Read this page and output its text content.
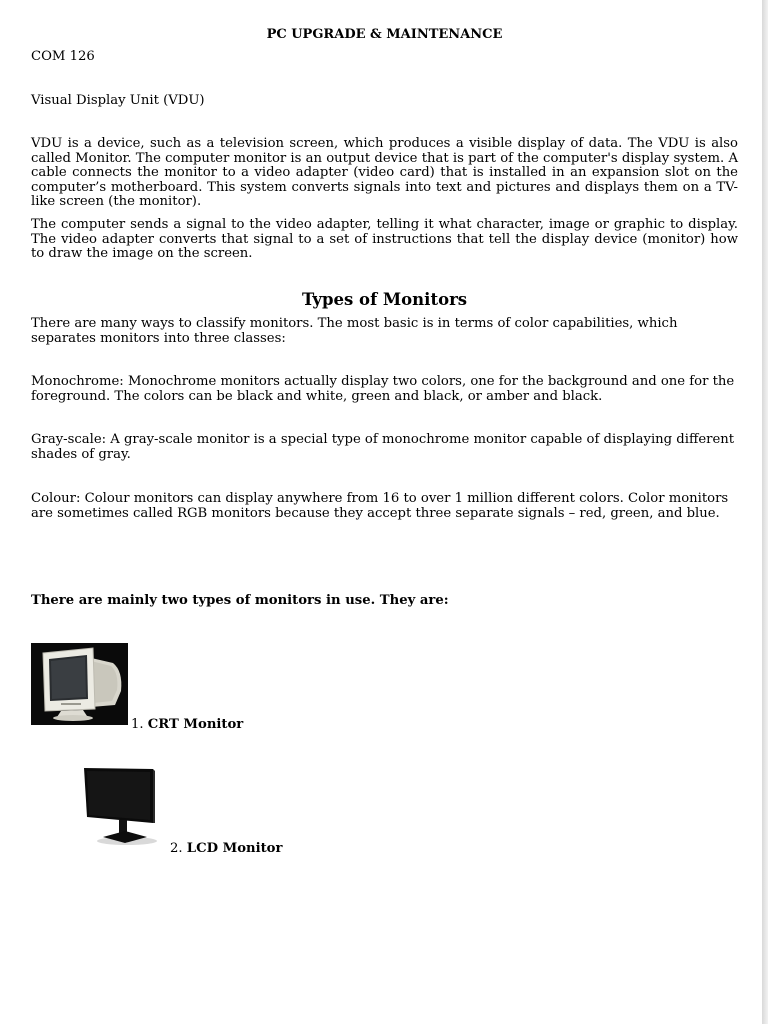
PC UPGRADE & MAINTENANCE
COM 126
Visual Display Unit (VDU)

VDU is a device, such as a television screen, which produces a visible display of data. The VDU is also called Monitor. The computer monitor is an output device that is part of the computer's display system. A cable connects the monitor to a video adapter (video card) that is installed in an expansion slot on the computer’s motherboard. This system converts signals into text and pictures and displays them on a TV-like screen (the monitor).

The computer sends a signal to the video adapter, telling it what character, image or graphic to display. The video adapter converts that signal to a set of instructions that tell the display device (monitor) how to draw the image on the screen.

Types of Monitors

There are many ways to classify monitors. The most basic is in terms of color capabilities, which separates monitors into three classes:

Monochrome: Monochrome monitors actually display two colors, one for the background and one for the foreground. The colors can be black and white, green and black, or amber and black.

Gray-scale: A gray-scale monitor is a special type of monochrome monitor capable of displaying different shades of gray.

Colour: Colour monitors can display anywhere from 16 to over 1 million different colors. Color monitors are sometimes called RGB monitors because they accept three separate signals – red, green, and blue.

There are mainly two types of monitors in use. They are:

1. CRT Monitor
2. LCD Monitor
